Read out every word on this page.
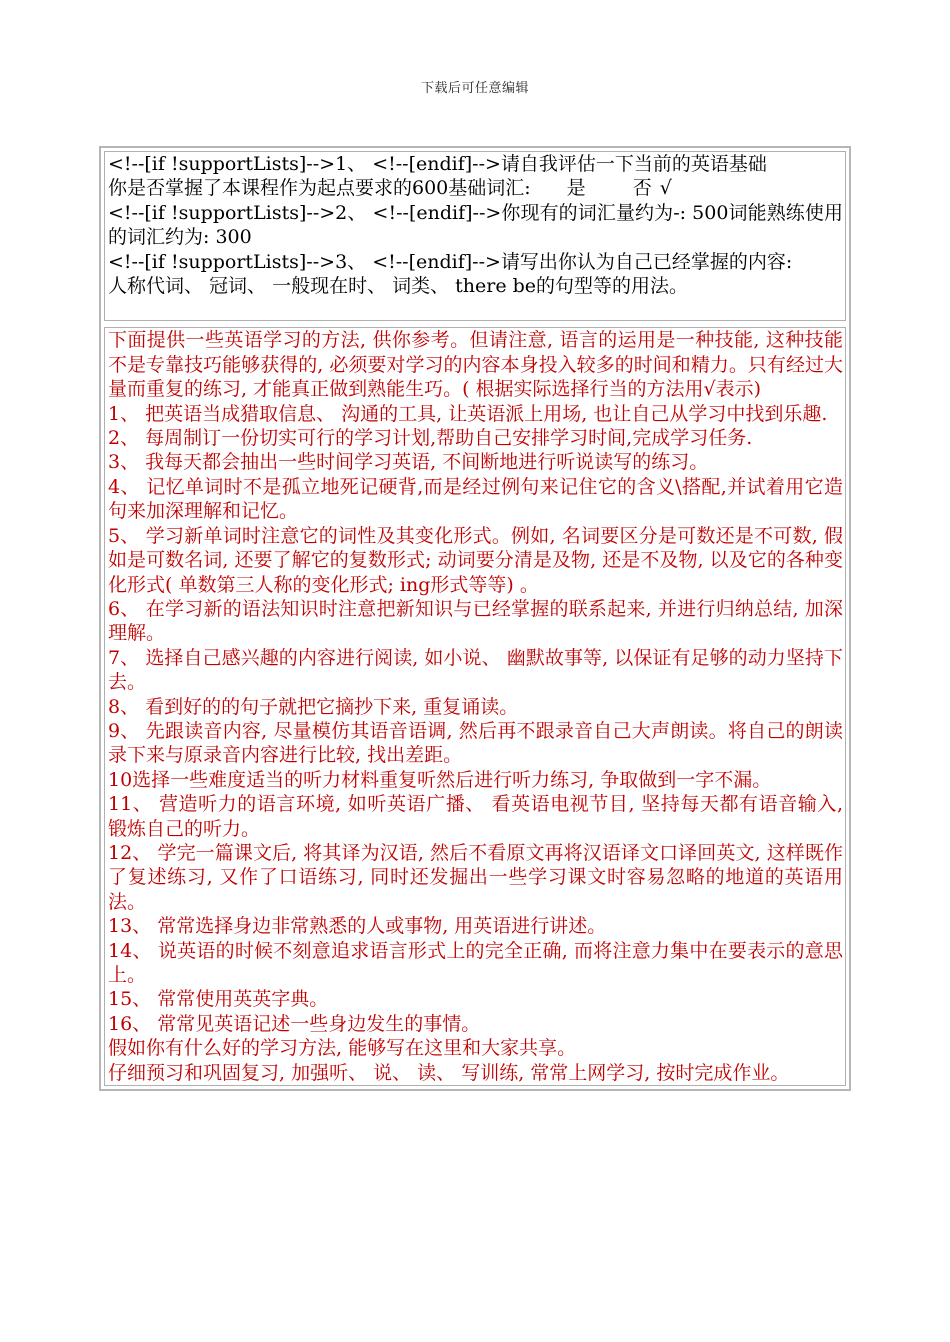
下载后可任意编辑
<!--[if !supportLists]-->1、 <!--[endif]-->请自我评估一下当前的英语基础
你是否掌握了本课程作为起点要求的600基础词汇: 是 否 √
<!--[if !supportLists]-->2、 <!--[endif]-->你现有的词汇量约为-: 500词能熟练使用的词汇约为: 300
<!--[if !supportLists]-->3、 <!--[endif]-->请写出你认为自己已经掌握的内容:
人称代词、 冠词、 一般现在时、 词类、 there be的句型等的用法。
下面提供一些英语学习的方法, 供你参考。但请注意, 语言的运用是一种技能, 这种技能不是专靠技巧能够获得的, 必须要对学习的内容本身投入较多的时间和精力。只有经过大量而重复的练习, 才能真正做到熟能生巧。( 根据实际选择行当的方法用√表示)
1、 把英语当成猎取信息、 沟通的工具, 让英语派上用场, 也让自己从学习中找到乐趣.
2、 每周制订一份切实可行的学习计划,帮助自己安排学习时间,完成学习任务.
3、 我每天都会抽出一些时间学习英语, 不间断地进行听说读写的练习。
4、 记忆单词时不是孤立地死记硬背,而是经过例句来记住它的含义\搭配,并试着用它造句来加深理解和记忆。
5、 学习新单词时注意它的词性及其变化形式。例如, 名词要区分是可数还是不可数, 假如是可数名词, 还要了解它的复数形式; 动词要分清是及物, 还是不及物, 以及它的各种变化形式( 单数第三人称的变化形式; ing形式等等) 。
6、 在学习新的语法知识时注意把新知识与已经掌握的联系起来, 并进行归纳总结, 加深理解。
7、 选择自己感兴趣的内容进行阅读, 如小说、 幽默故事等, 以保证有足够的动力坚持下去。
8、 看到好的的句子就把它摘抄下来, 重复诵读。
9、 先跟读音内容, 尽量模仿其语音语调, 然后再不跟录音自己大声朗读。将自己的朗读录下来与原录音内容进行比较, 找出差距。
10选择一些难度适当的听力材料重复听然后进行听力练习, 争取做到一字不漏。
11、 营造听力的语言环境, 如听英语广播、 看英语电视节目, 坚持每天都有语音输入, 锻炼自己的听力。
12、 学完一篇课文后, 将其译为汉语, 然后不看原文再将汉语译文口译回英文, 这样既作了复述练习, 又作了口语练习, 同时还发掘出一些学习课文时容易忽略的地道的英语用法。
13、 常常选择身边非常熟悉的人或事物, 用英语进行讲述。
14、 说英语的时候不刻意追求语言形式上的完全正确, 而将注意力集中在要表示的意思上。
15、 常常使用英英字典。
16、 常常见英语记述一些身边发生的事情。
假如你有什么好的学习方法, 能够写在这里和大家共享。
仔细预习和巩固复习, 加强听、 说、 读、 写训练, 常常上网学习, 按时完成作业。
